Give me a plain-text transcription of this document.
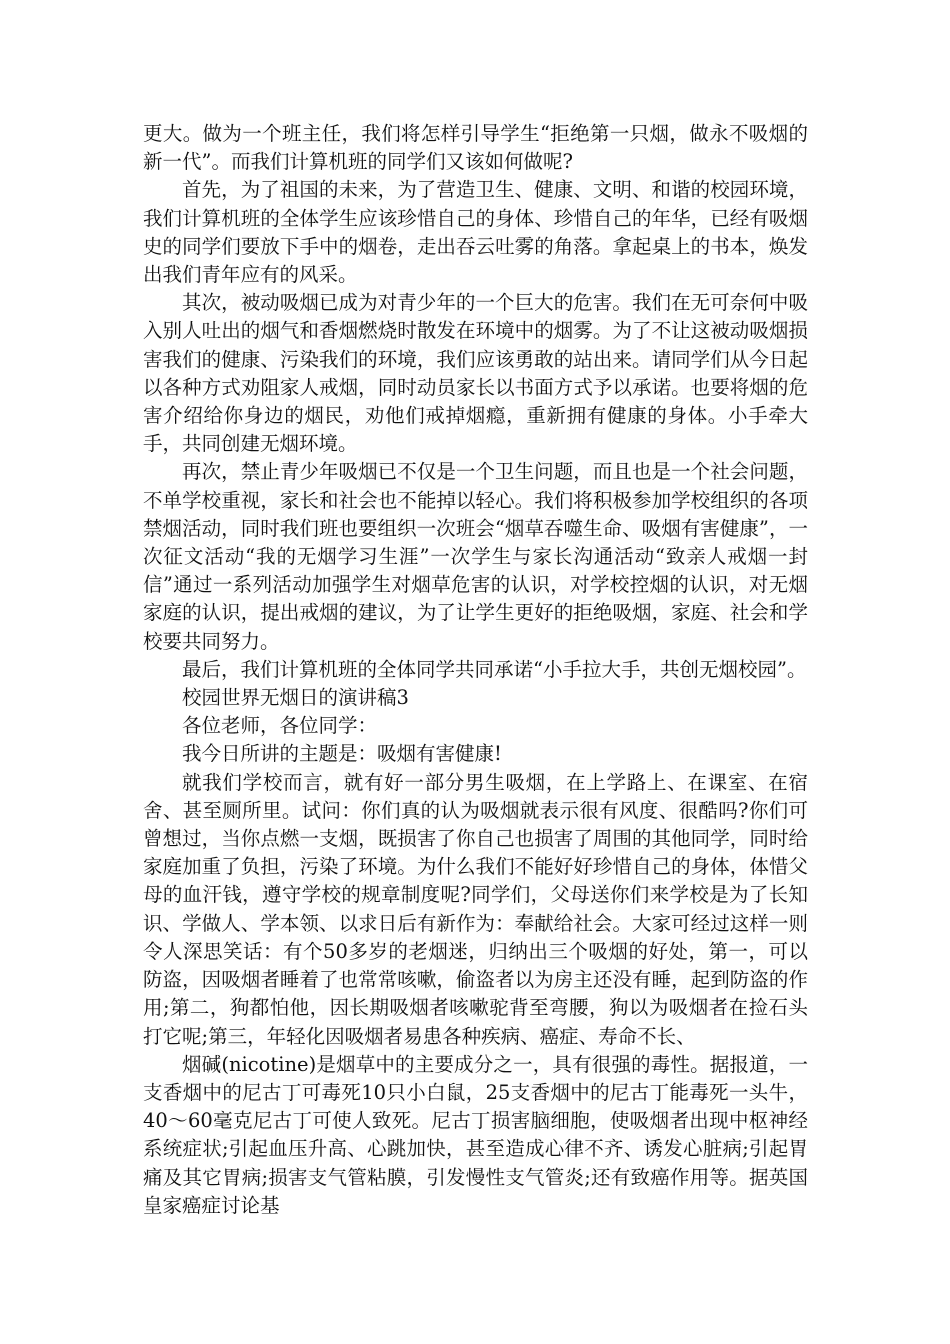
更大。做为一个班主任，我们将怎样引导学生“拒绝第一只烟，做永不吸烟的新一代”。而我们计算机班的同学们又该如何做呢?

首先，为了祖国的未来，为了营造卫生、健康、文明、和谐的校园环境，我们计算机班的全体学生应该珍惜自己的身体、珍惜自己的年华，已经有吸烟史的同学们要放下手中的烟卷，走出吞云吐雾的角落。拿起桌上的书本，焕发出我们青年应有的风采。

其次，被动吸烟已成为对青少年的一个巨大的危害。我们在无可奈何中吸入别人吐出的烟气和香烟燃烧时散发在环境中的烟雾。为了不让这被动吸烟损害我们的健康、污染我们的环境，我们应该勇敢的站出来。请同学们从今日起以各种方式劝阻家人戒烟，同时动员家长以书面方式予以承诺。也要将烟的危害介绍给你身边的烟民，劝他们戒掉烟瘾，重新拥有健康的身体。小手牵大手，共同创建无烟环境。

再次，禁止青少年吸烟已不仅是一个卫生问题，而且也是一个社会问题，不单学校重视，家长和社会也不能掉以轻心。我们将积极参加学校组织的各项禁烟活动，同时我们班也要组织一次班会“烟草吞噬生命、吸烟有害健康”，一次征文活动“我的无烟学习生涯”一次学生与家长沟通活动“致亲人戒烟一封信”通过一系列活动加强学生对烟草危害的认识，对学校控烟的认识，对无烟家庭的认识，提出戒烟的建议，为了让学生更好的拒绝吸烟，家庭、社会和学校要共同努力。

最后，我们计算机班的全体同学共同承诺“小手拉大手，共创无烟校园”。

校园世界无烟日的演讲稿3

各位老师，各位同学：

我今日所讲的主题是：吸烟有害健康!

就我们学校而言，就有好一部分男生吸烟，在上学路上、在课室、在宿舍、甚至厕所里。试问：你们真的认为吸烟就表示很有风度、很酷吗?你们可曾想过，当你点燃一支烟，既损害了你自己也损害了周围的其他同学，同时给家庭加重了负担，污染了环境。为什么我们不能好好珍惜自己的身体，体惜父母的血汗钱，遵守学校的规章制度呢?同学们，父母送你们来学校是为了长知识、学做人、学本领、以求日后有新作为：奉献给社会。大家可经过这样一则令人深思笑话：有个50多岁的老烟迷，归纳出三个吸烟的好处，第一，可以防盗，因吸烟者睡着了也常常咳嗽，偷盗者以为房主还没有睡，起到防盗的作用;第二，狗都怕他，因长期吸烟者咳嗽驼背至弯腰，狗以为吸烟者在捡石头打它呢;第三，年轻化因吸烟者易患各种疾病、癌症、寿命不长、

烟碱(nicotine)是烟草中的主要成分之一，具有很强的毒性。据报道，一支香烟中的尼古丁可毒死10只小白鼠，25支香烟中的尼古丁能毒死一头牛，40～60毫克尼古丁可使人致死。尼古丁损害脑细胞，使吸烟者出现中枢神经系统症状;引起血压升高、心跳加快，甚至造成心律不齐、诱发心脏病;引起胃痛及其它胃病;损害支气管粘膜，引发慢性支气管炎;还有致癌作用等。据英国皇家癌症讨论基
